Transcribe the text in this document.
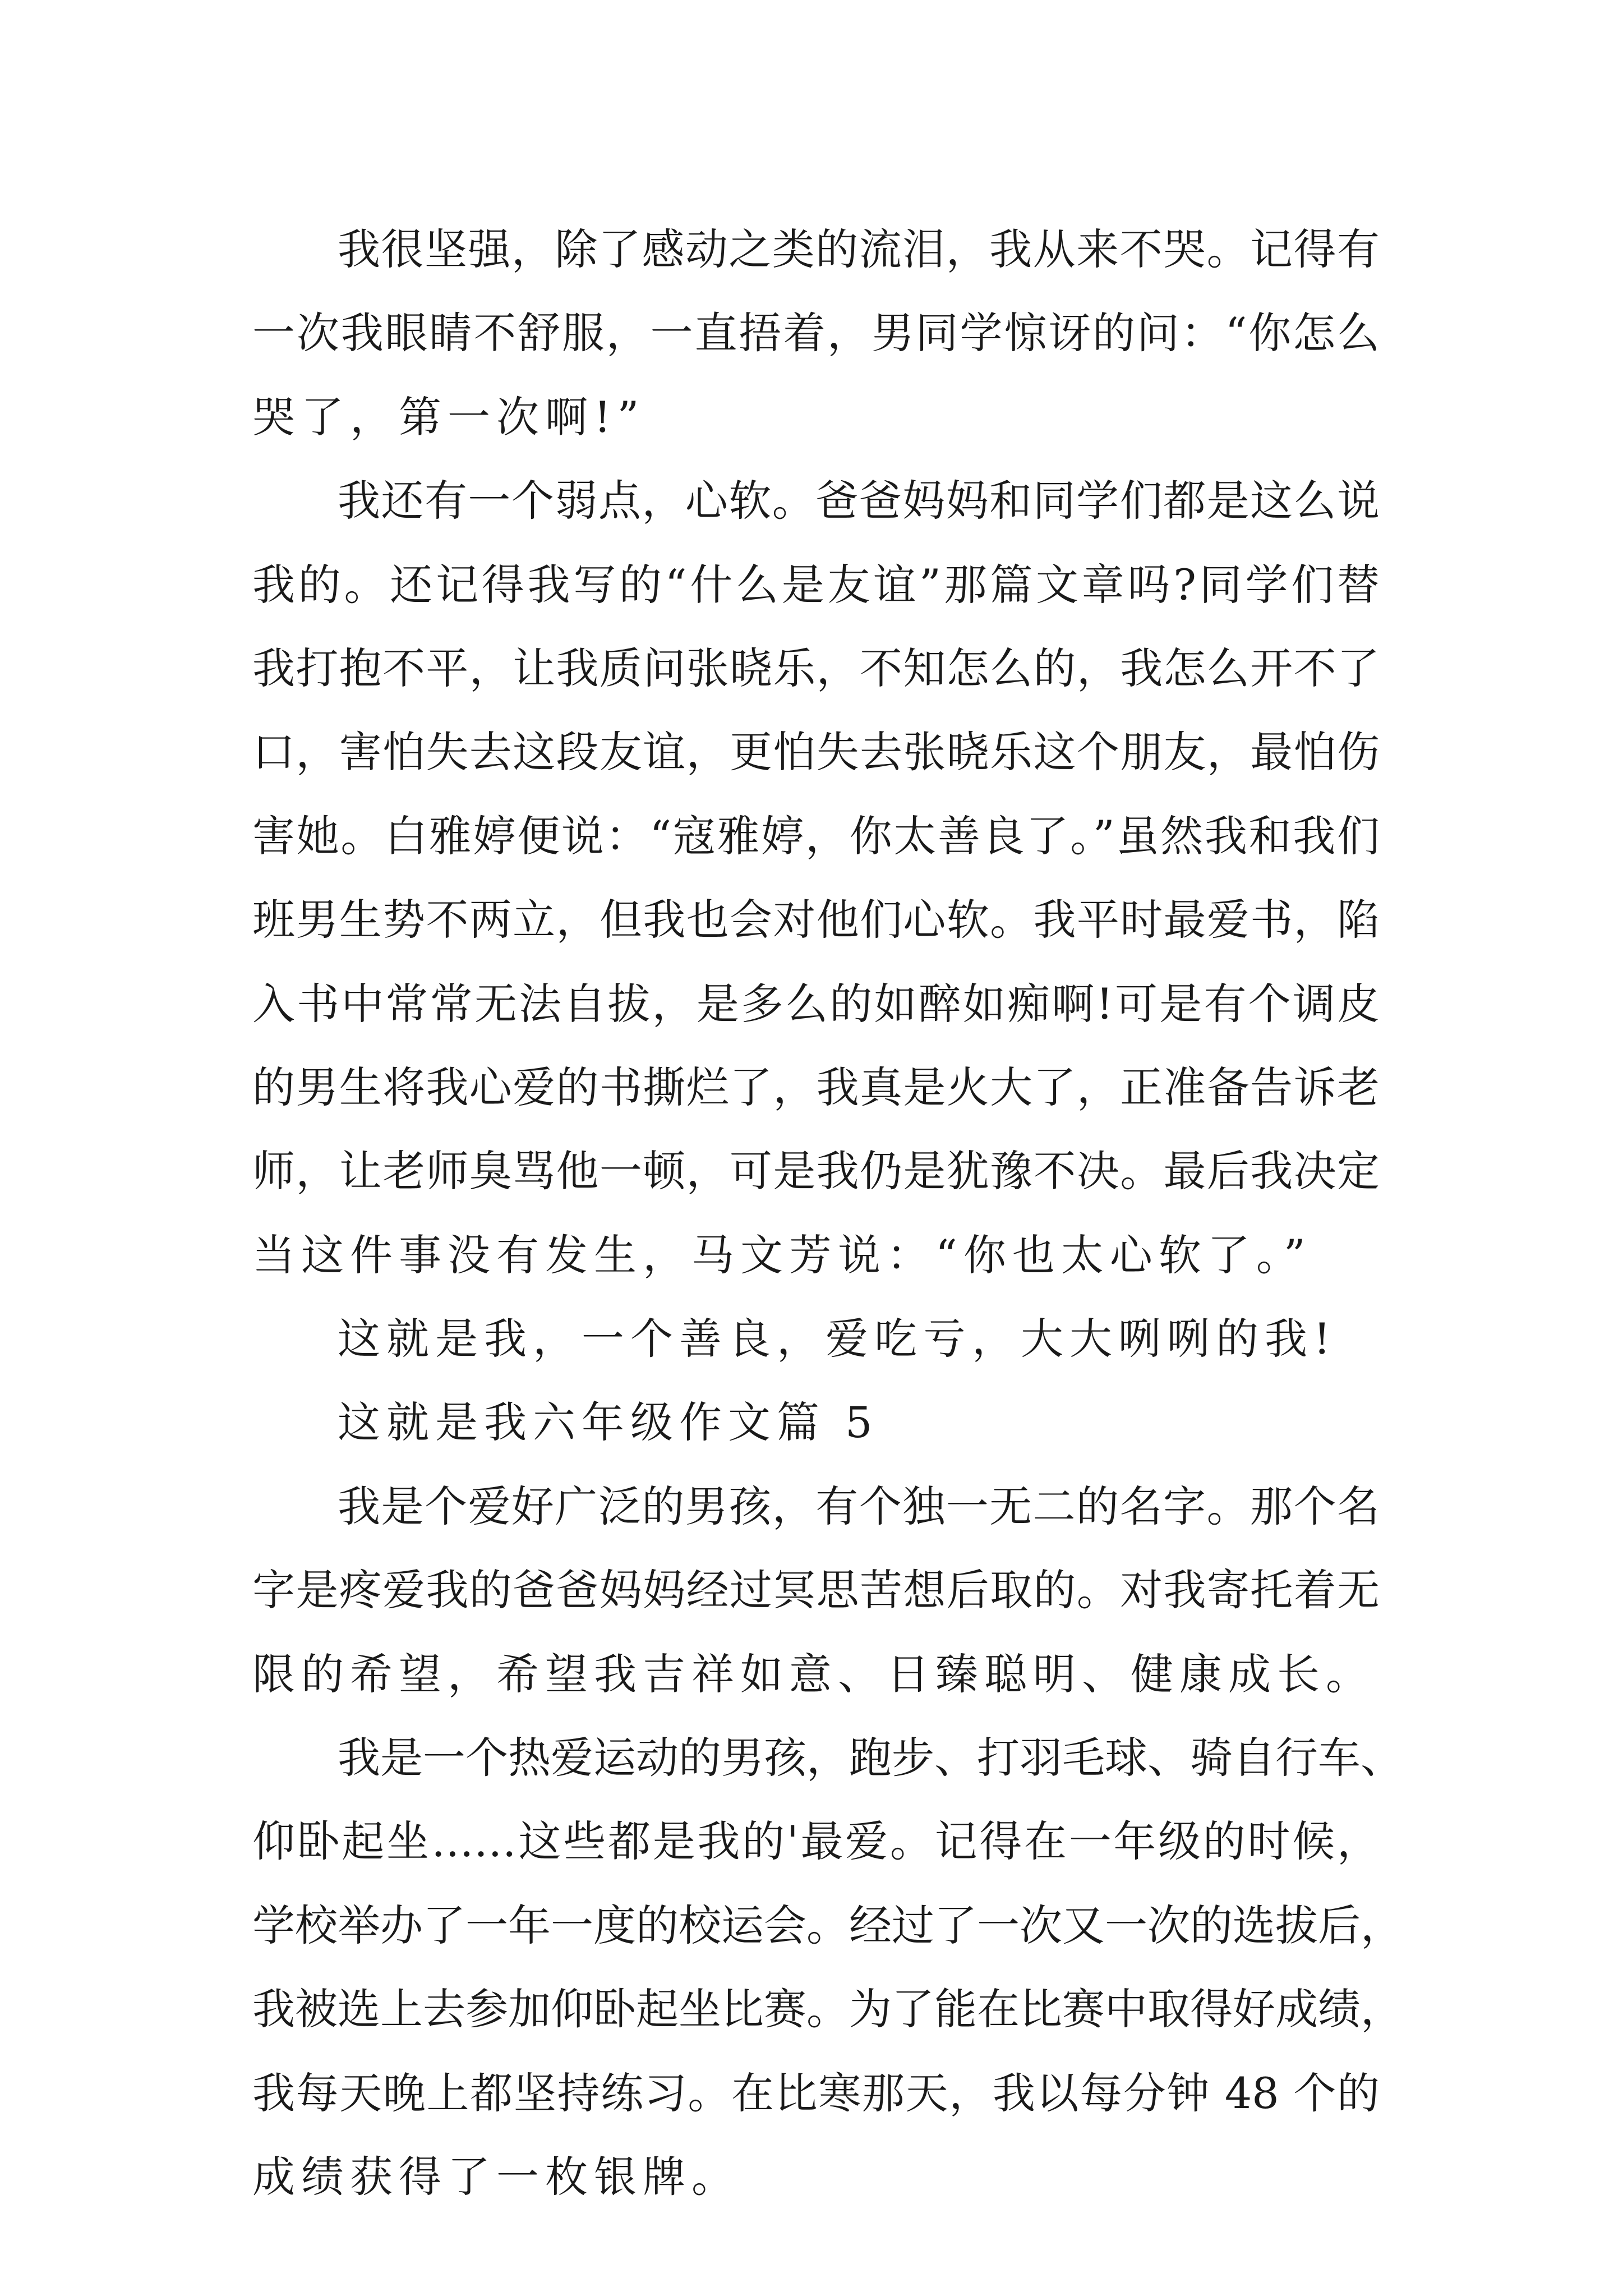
我很坚强，除了感动之类的流泪，我从来不哭。记得有
一次我眼睛不舒服，一直捂着，男同学惊讶的问：“你怎么
哭了，第一次啊!”
我还有一个弱点，心软。爸爸妈妈和同学们都是这么说
我的。还记得我写的“什么是友谊”那篇文章吗?同学们替
我打抱不平，让我质问张晓乐，不知怎么的，我怎么开不了
口，害怕失去这段友谊，更怕失去张晓乐这个朋友，最怕伤
害她。白雅婷便说：“寇雅婷，你太善良了。”虽然我和我们
班男生势不两立，但我也会对他们心软。我平时最爱书，陷
入书中常常无法自拔，是多么的如醉如痴啊!可是有个调皮
的男生将我心爱的书撕烂了，我真是火大了，正准备告诉老
师，让老师臭骂他一顿，可是我仍是犹豫不决。最后我决定
当这件事没有发生，马文芳说：“你也太心软了。”
这就是我，一个善良，爱吃亏，大大咧咧的我!
这就是我六年级作文篇 5
我是个爱好广泛的男孩，有个独一无二的名字。那个名
字是疼爱我的爸爸妈妈经过冥思苦想后取的。对我寄托着无
限的希望，希望我吉祥如意、日臻聪明、健康成长。
我是一个热爱运动的男孩，跑步、打羽毛球、骑自行车、
仰卧起坐……这些都是我的'最爱。记得在一年级的时候，
学校举办了一年一度的校运会。经过了一次又一次的选拔后，
我被选上去参加仰卧起坐比赛。为了能在比赛中取得好成绩，
我每天晚上都坚持练习。在比寒那天，我以每分钟 48 个的
成绩获得了一枚银牌。
